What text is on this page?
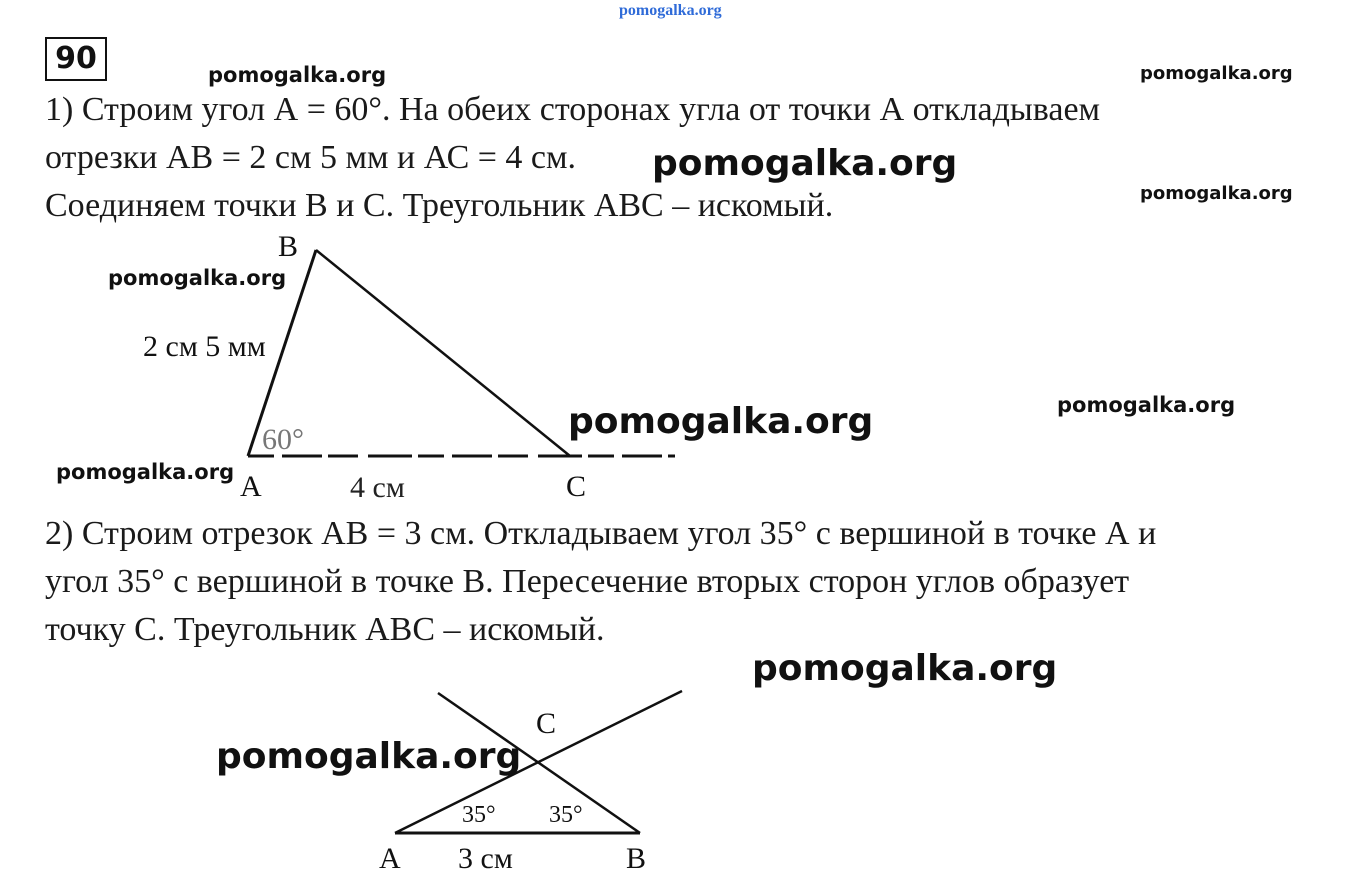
pomogalka.org
90
1) Строим угол А = 60°. На обеих сторонах угла от точки А откладываем
отрезки АВ = 2 см 5 мм и АС = 4 см.
Соединяем точки В и С. Треугольник АВС – искомый.
B
A	C
2 см 5 мм
4 см
60°
A	B
C
3 см
35° 35°
2) Строим отрезок АВ = 3 см. Откладываем угол 35° с вершиной в точке А и
угол 35° с вершиной в точке В. Пересечение вторых сторон углов образует
точку С. Треугольник АВС – искомый.
pomogalka.org	pomogalka.org
pomogalka.org
pomogalka.org
pomogalka.org
pomogalka.org	pomogalka.org
pomogalka.org
pomogalka.org
pomogalka.org
